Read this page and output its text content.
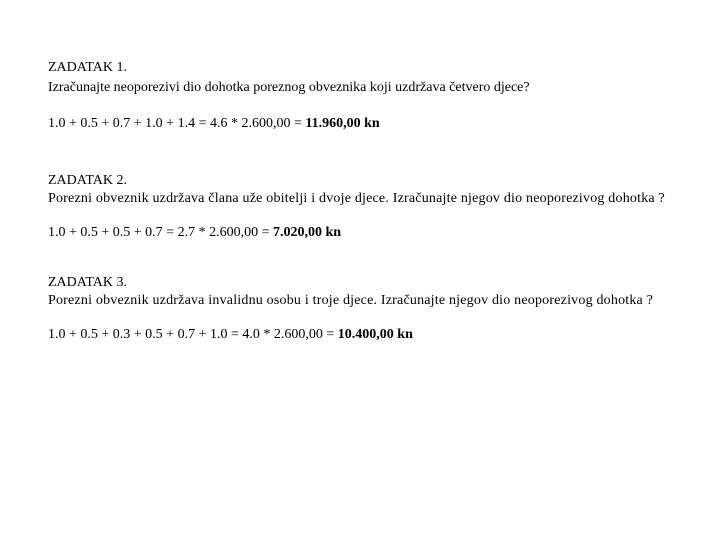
ZADATAK 1.
Izračunajte neoporezivi dio dohotka poreznog obveznika koji uzdržava četvero djece?
1.0 + 0.5 + 0.7 + 1.0 + 1.4 = 4.6 * 2.600,00 = 11.960,00 kn
ZADATAK 2.
Porezni obveznik uzdržava člana uže obitelji i dvoje djece. Izračunajte njegov dio neoporezivog dohotka ?
1.0 + 0.5 + 0.5 + 0.7 = 2.7 * 2.600,00 = 7.020,00 kn
ZADATAK 3.
Porezni obveznik uzdržava invalidnu osobu i troje djece. Izračunajte njegov dio neoporezivog dohotka ?
1.0 + 0.5 + 0.3 + 0.5 + 0.7 + 1.0 = 4.0 * 2.600,00 = 10.400,00 kn
